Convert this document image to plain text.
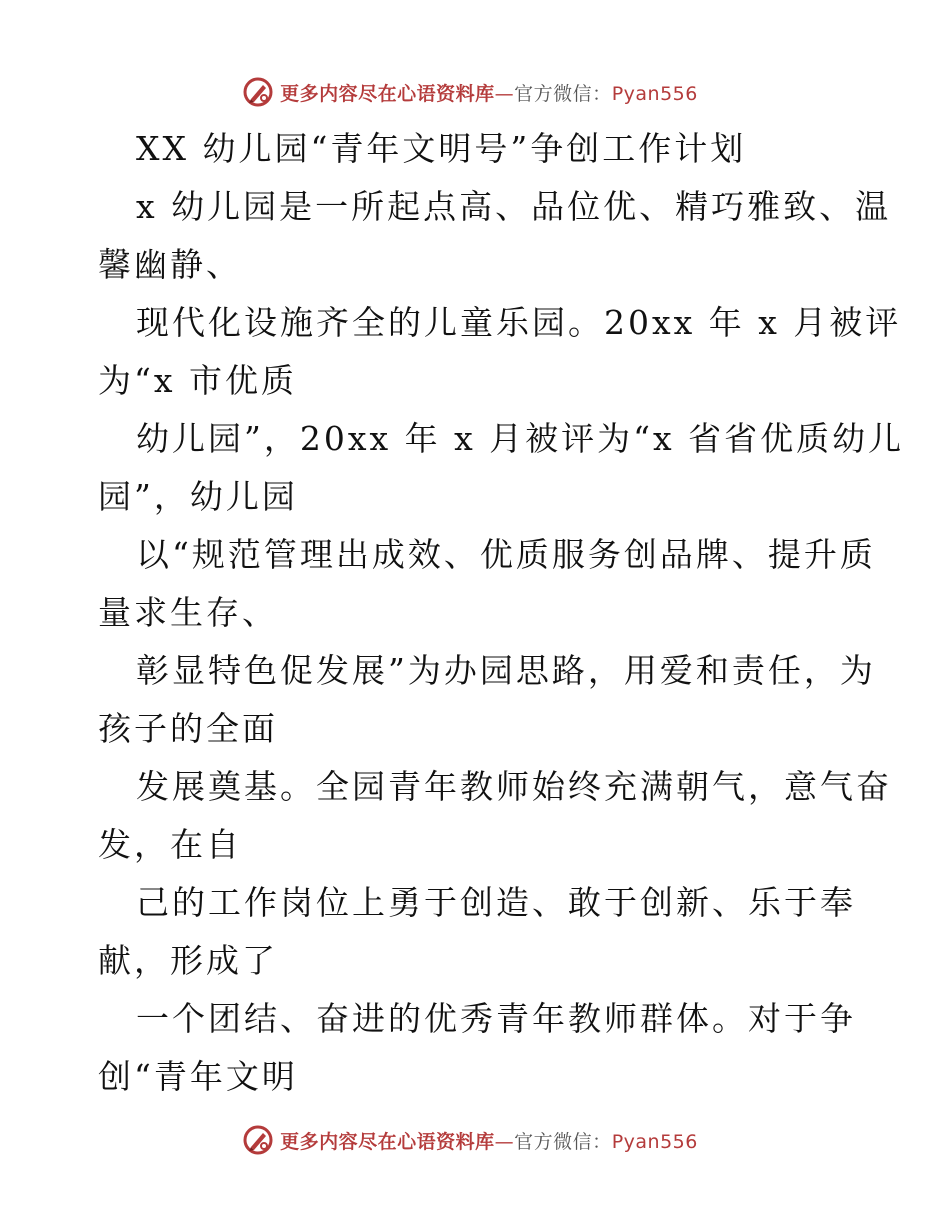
更多内容尽在心语资料库—官方微信：Pyan556

XX 幼儿园“青年文明号”争创工作计划

x 幼儿园是一所起点高、品位优、精巧雅致、温

馨幽静、

现代化设施齐全的儿童乐园。20xx 年 x 月被评

为“x 市优质

幼儿园”，20xx 年 x 月被评为“x 省省优质幼儿

园”，幼儿园

以“规范管理出成效、优质服务创品牌、提升质

量求生存、

彰显特色促发展”为办园思路，用爱和责任，为

孩子的全面

发展奠基。全园青年教师始终充满朝气，意气奋

发，在自

己的工作岗位上勇于创造、敢于创新、乐于奉

献，形成了

一个团结、奋进的优秀青年教师群体。对于争

创“青年文明

更多内容尽在心语资料库—官方微信：Pyan556
